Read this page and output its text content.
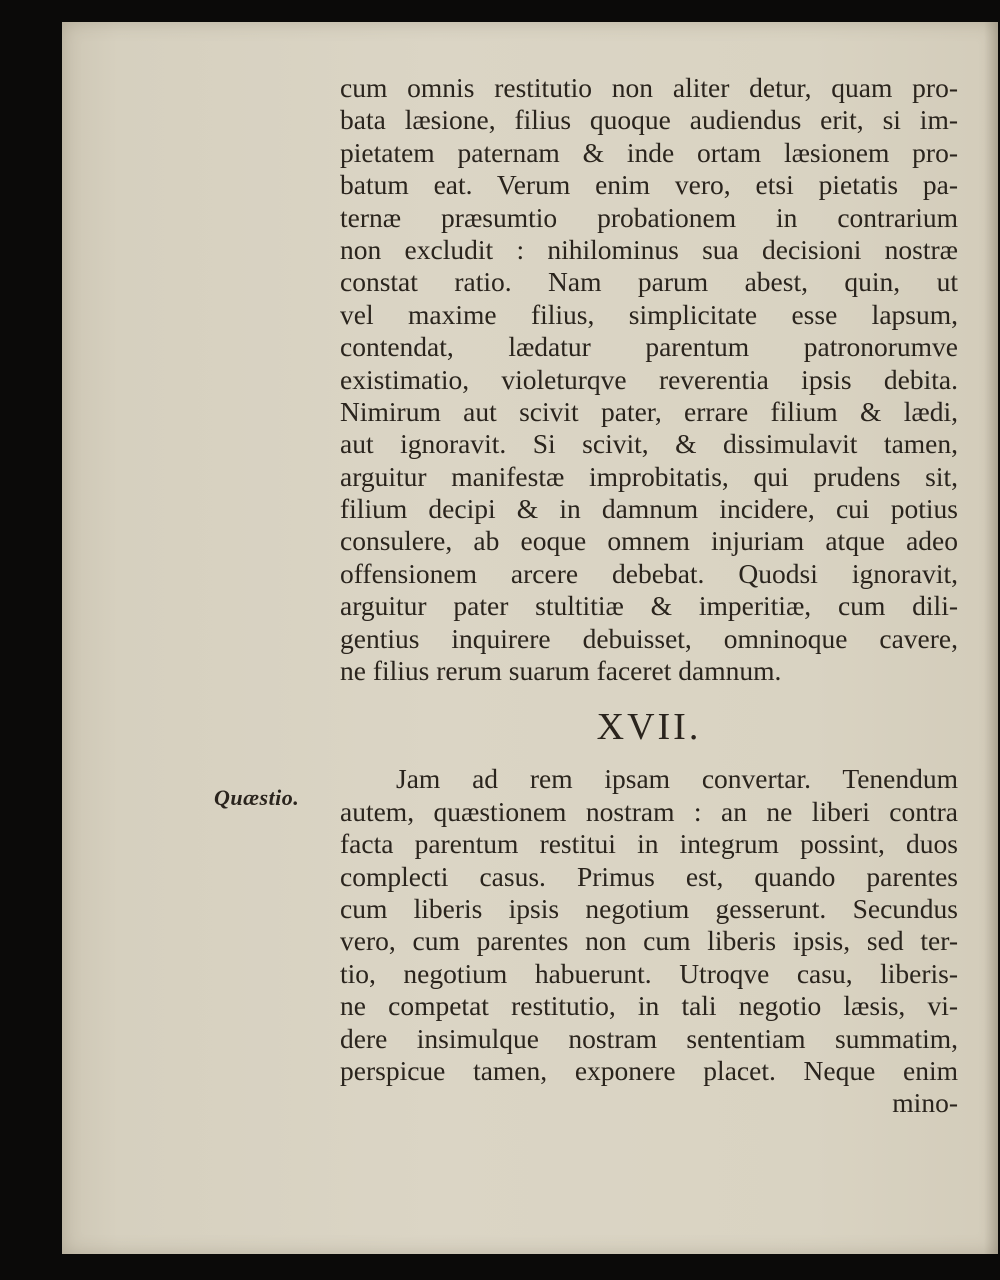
Quæstio.
cum omnis restitutio non aliter detur, quam pro-
bata læsione, filius quoque audiendus erit, si im-
pietatem paternam & inde ortam læsionem pro-
batum eat. Verum enim vero, etsi pietatis pa-
ternæ præsumtio probationem in contrarium
non excludit : nihilominus sua decisioni nostræ
constat ratio. Nam parum abest, quin, ut
vel maxime filius, simplicitate esse lapsum,
contendat, lædatur parentum patronorumve
existimatio, violeturqve reverentia ipsis debita.
Nimirum aut scivit pater, errare filium & lædi,
aut ignoravit. Si scivit, & dissimulavit tamen,
arguitur manifestæ improbitatis, qui prudens sit,
filium decipi & in damnum incidere, cui potius
consulere, ab eoque omnem injuriam atque adeo
offensionem arcere debebat. Quodsi ignoravit,
arguitur pater stultitiæ & imperitiæ, cum dili-
gentius inquirere debuisset, omninoque cavere,
ne filius rerum suarum faceret damnum.
XVII.
Jam ad rem ipsam convertar. Tenendum
autem, quæstionem nostram : an ne liberi contra
facta parentum restitui in integrum possint, duos
complecti casus. Primus est, quando parentes
cum liberis ipsis negotium gesserunt. Secundus
vero, cum parentes non cum liberis ipsis, sed ter-
tio, negotium habuerunt. Utroqve casu, liberis-
ne competat restitutio, in tali negotio læsis, vi-
dere insimulque nostram sententiam summatim,
perspicue tamen, exponere placet. Neque enim
mino-
